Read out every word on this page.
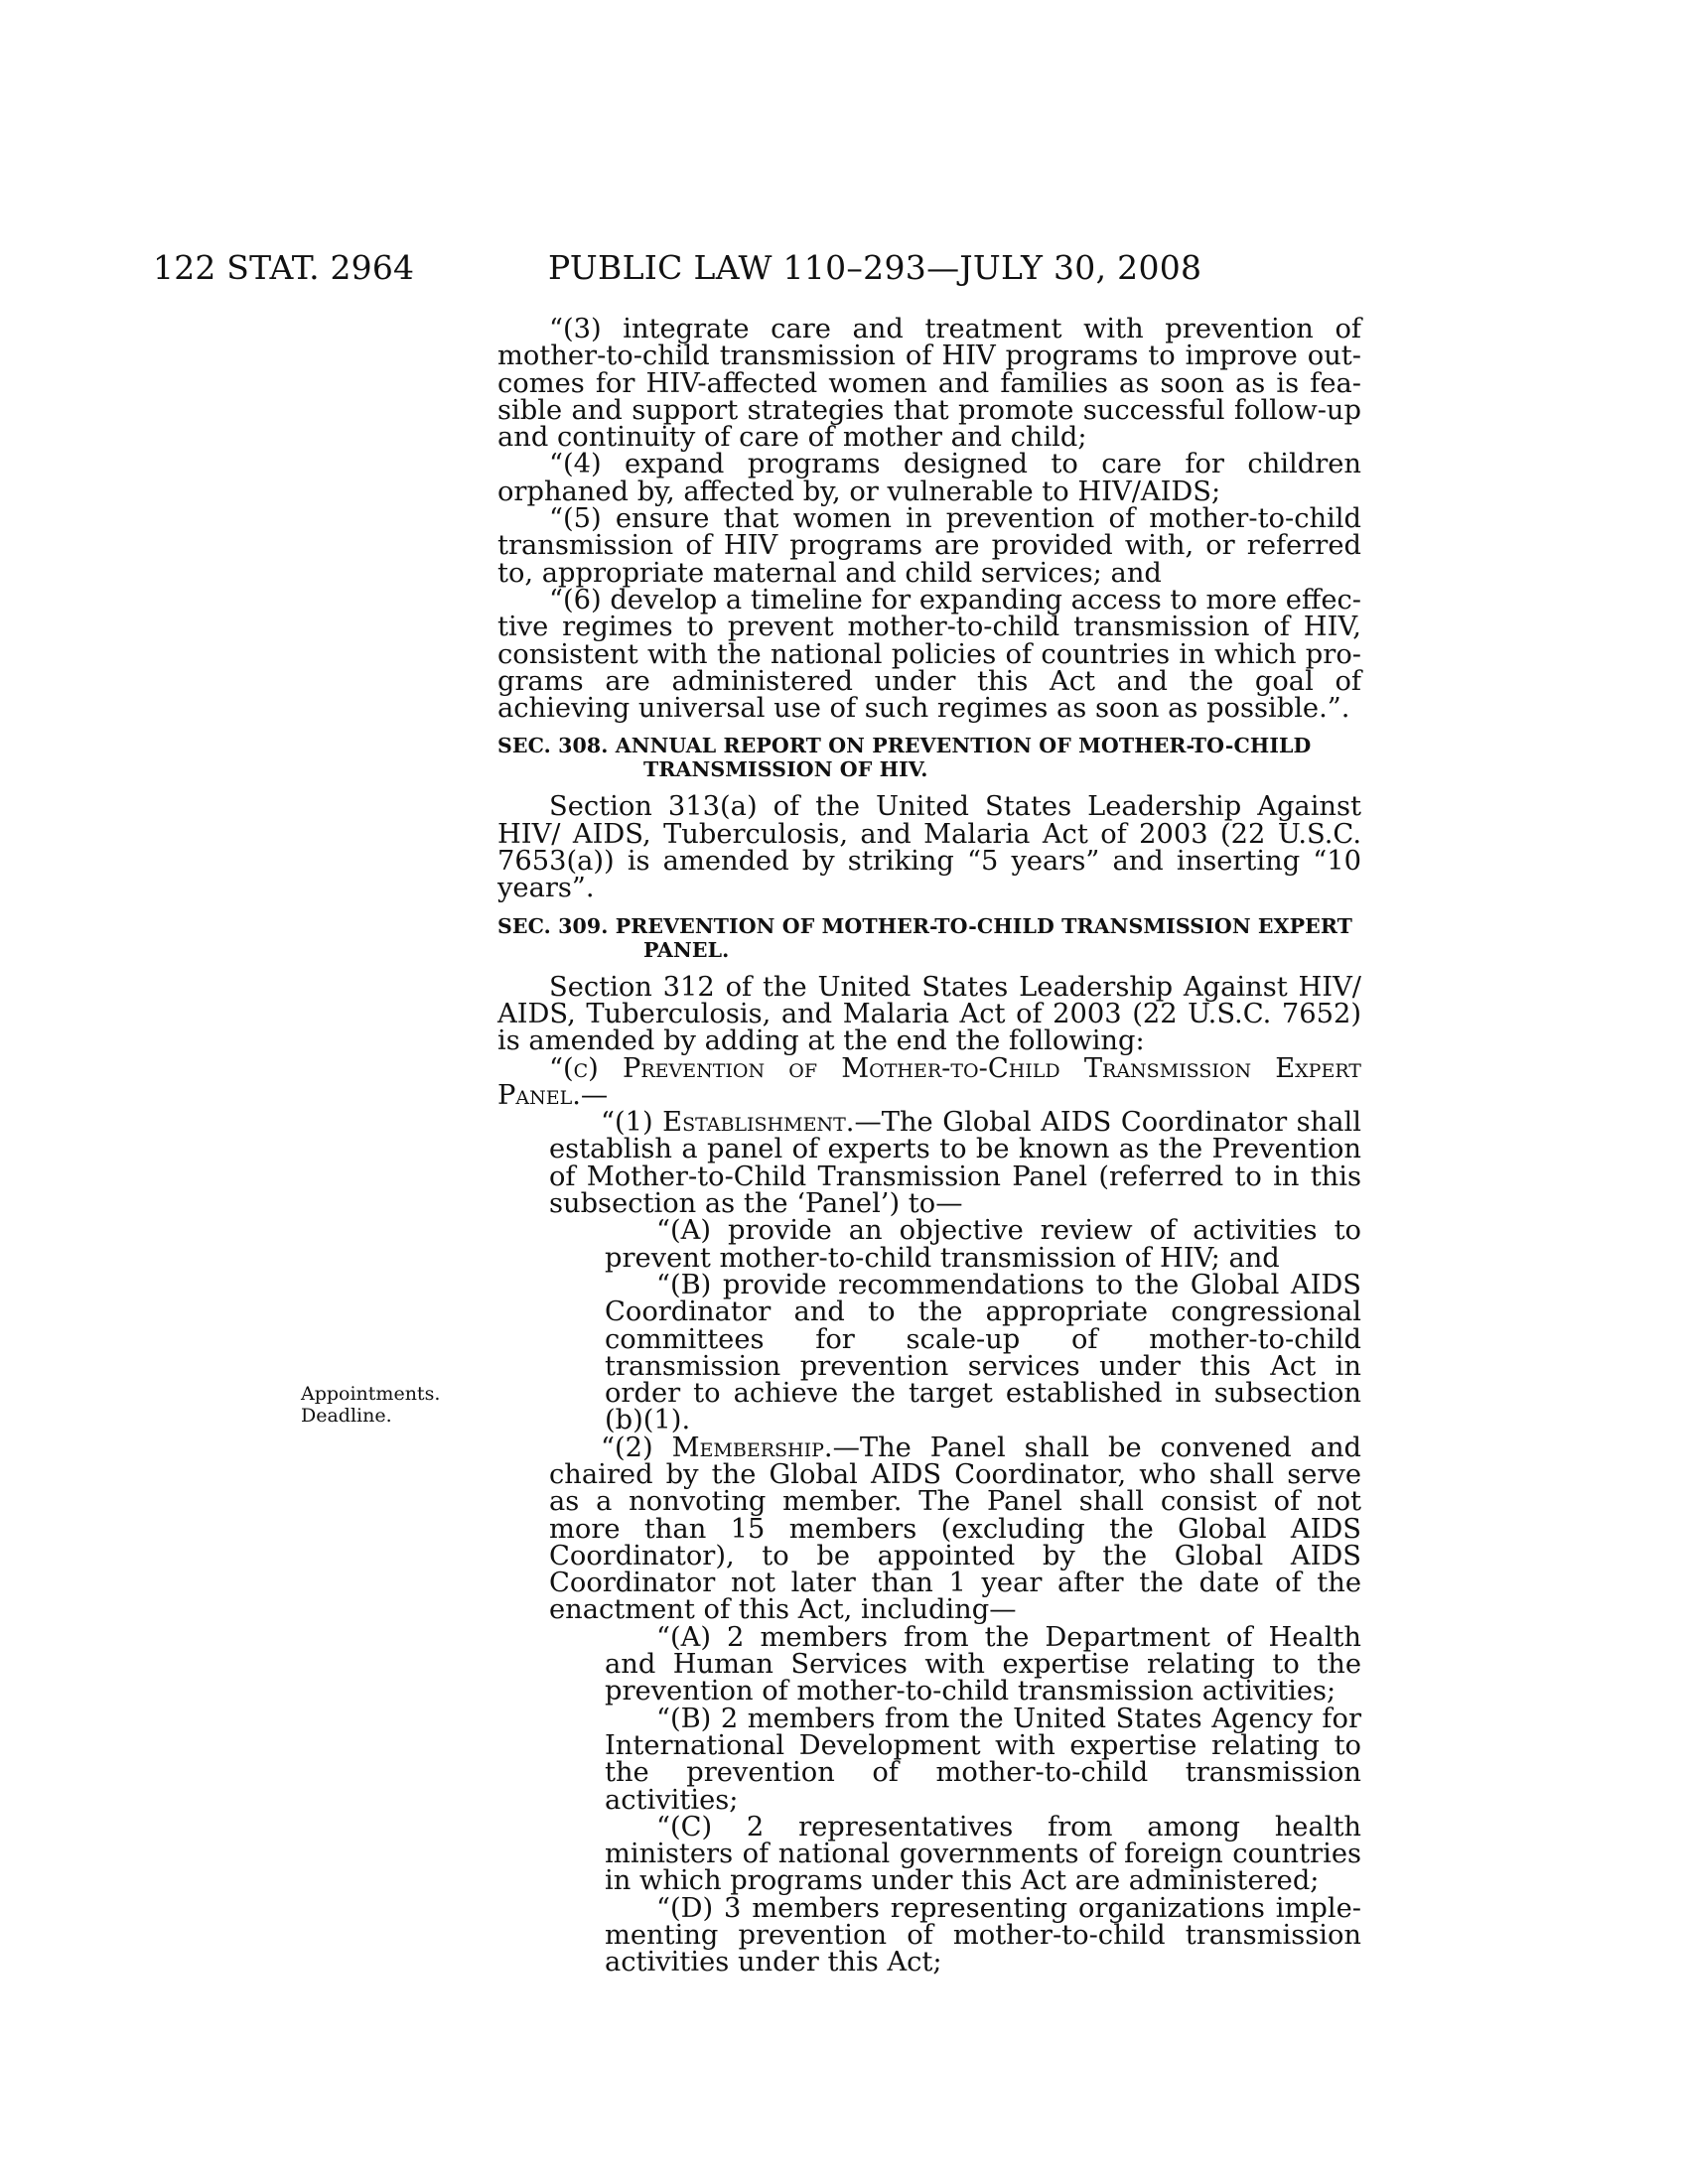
122 STAT. 2964	PUBLIC LAW 110–293—JULY 30, 2008
Appointments.
Deadline.

“(3) integrate care and treatment with prevention of mother-to-child transmission of HIV programs to improve outcomes for HIV-affected women and families as soon as is feasible and support strategies that promote successful follow-up and continuity of care of mother and child;

“(4) expand programs designed to care for children orphaned by, affected by, or vulnerable to HIV/AIDS;

“(5) ensure that women in prevention of mother-to-child transmission of HIV programs are provided with, or referred to, appropriate maternal and child services; and

“(6) develop a timeline for expanding access to more effective regimes to prevent mother-to-child transmission of HIV, consistent with the national policies of countries in which programs are administered under this Act and the goal of achieving universal use of such regimes as soon as possible.”.

SEC. 308. ANNUAL REPORT ON PREVENTION OF MOTHER-TO-CHILD TRANSMISSION OF HIV.

Section 313(a) of the United States Leadership Against HIV/ AIDS, Tuberculosis, and Malaria Act of 2003 (22 U.S.C. 7653(a)) is amended by striking “5 years” and inserting “10 years”.

SEC. 309. PREVENTION OF MOTHER-TO-CHILD TRANSMISSION EXPERT PANEL.

Section 312 of the United States Leadership Against HIV/ AIDS, Tuberculosis, and Malaria Act of 2003 (22 U.S.C. 7652) is amended by adding at the end the following:

“(c) Prevention of Mother-to-Child Transmission Expert Panel.—

“(1) Establishment.—The Global AIDS Coordinator shall establish a panel of experts to be known as the Prevention of Mother-to-Child Transmission Panel (referred to in this subsection as the ‘Panel’) to—

“(A) provide an objective review of activities to prevent mother-to-child transmission of HIV; and

“(B) provide recommendations to the Global AIDS Coordinator and to the appropriate congressional committees for scale-up of mother-to-child transmission prevention services under this Act in order to achieve the target established in subsection (b)(1).

“(2) Membership.—The Panel shall be convened and chaired by the Global AIDS Coordinator, who shall serve as a nonvoting member. The Panel shall consist of not more than 15 members (excluding the Global AIDS Coordinator), to be appointed by the Global AIDS Coordinator not later than 1 year after the date of the enactment of this Act, including—

“(A) 2 members from the Department of Health and Human Services with expertise relating to the prevention of mother-to-child transmission activities;

“(B) 2 members from the United States Agency for International Development with expertise relating to the prevention of mother-to-child transmission activities;

“(C) 2 representatives from among health ministers of national governments of foreign countries in which programs under this Act are administered;

“(D) 3 members representing organizations implementing prevention of mother-to-child transmission activities under this Act;
